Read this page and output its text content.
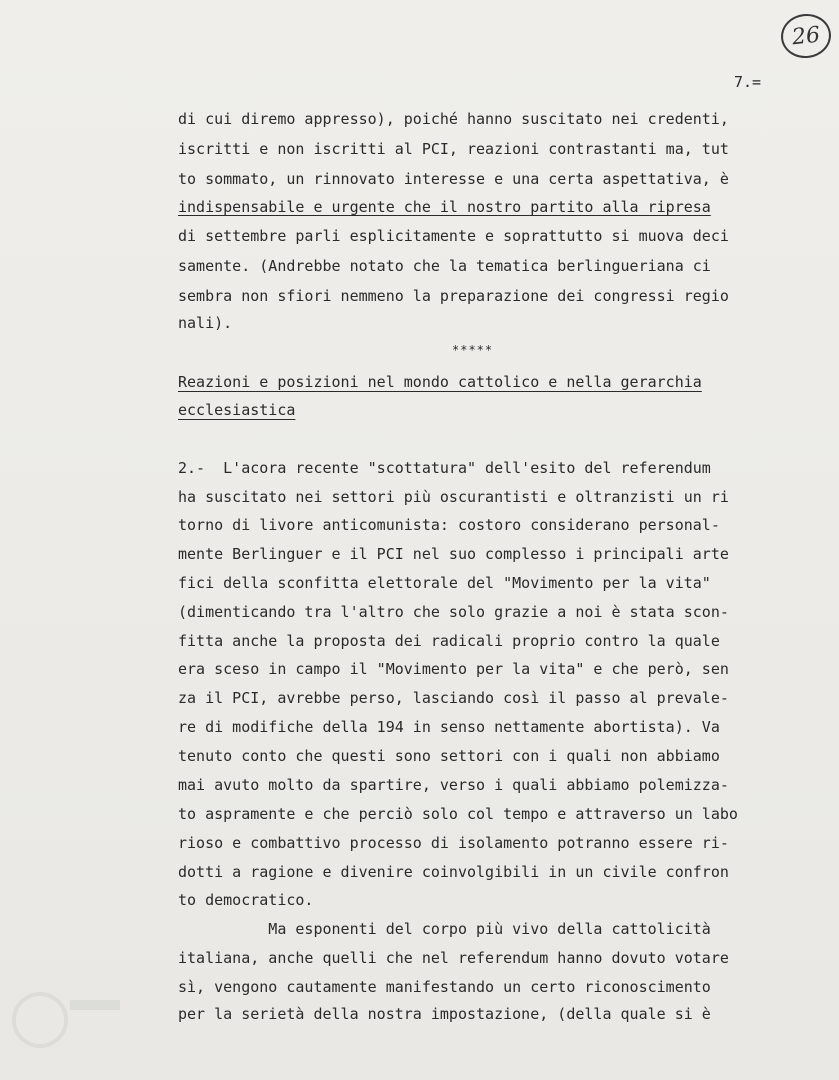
26
7.=
di cui diremo appresso), poiché hanno suscitato nei credenti,
iscritti e non iscritti al PCI, reazioni contrastanti ma, tut
to sommato, un rinnovato interesse e una certa aspettativa, è
indispensabile e urgente che il nostro partito alla ripresa
di settembre parli esplicitamente e soprattutto si muova deci
samente. (Andrebbe notato che la tematica berlingueriana ci
sembra non sfiori nemmeno la preparazione dei congressi regio
nali).
*****
Reazioni e posizioni nel mondo cattolico e nella gerarchia
ecclesiastica
2.-  L'acora recente "scottatura" dell'esito del referendum
ha suscitato nei settori più oscurantisti e oltranzisti un ri
torno di livore anticomunista: costoro considerano personal-
mente Berlinguer e il PCI nel suo complesso i principali arte
fici della sconfitta elettorale del "Movimento per la vita"
(dimenticando tra l'altro che solo grazie a noi è stata scon-
fitta anche la proposta dei radicali proprio contro la quale
era sceso in campo il "Movimento per la vita" e che però, sen
za il PCI, avrebbe perso, lasciando così il passo al prevale-
re di modifiche della 194 in senso nettamente abortista). Va
tenuto conto che questi sono settori con i quali non abbiamo
mai avuto molto da spartire, verso i quali abbiamo polemizza-
to aspramente e che perciò solo col tempo e attraverso un labo
rioso e combattivo processo di isolamento potranno essere ri-
dotti a ragione e divenire coinvolgibili in un civile confron
to democratico.
Ma esponenti del corpo più vivo della cattolicità
italiana, anche quelli che nel referendum hanno dovuto votare
sì, vengono cautamente manifestando un certo riconoscimento
per la serietà della nostra impostazione, (della quale si è
